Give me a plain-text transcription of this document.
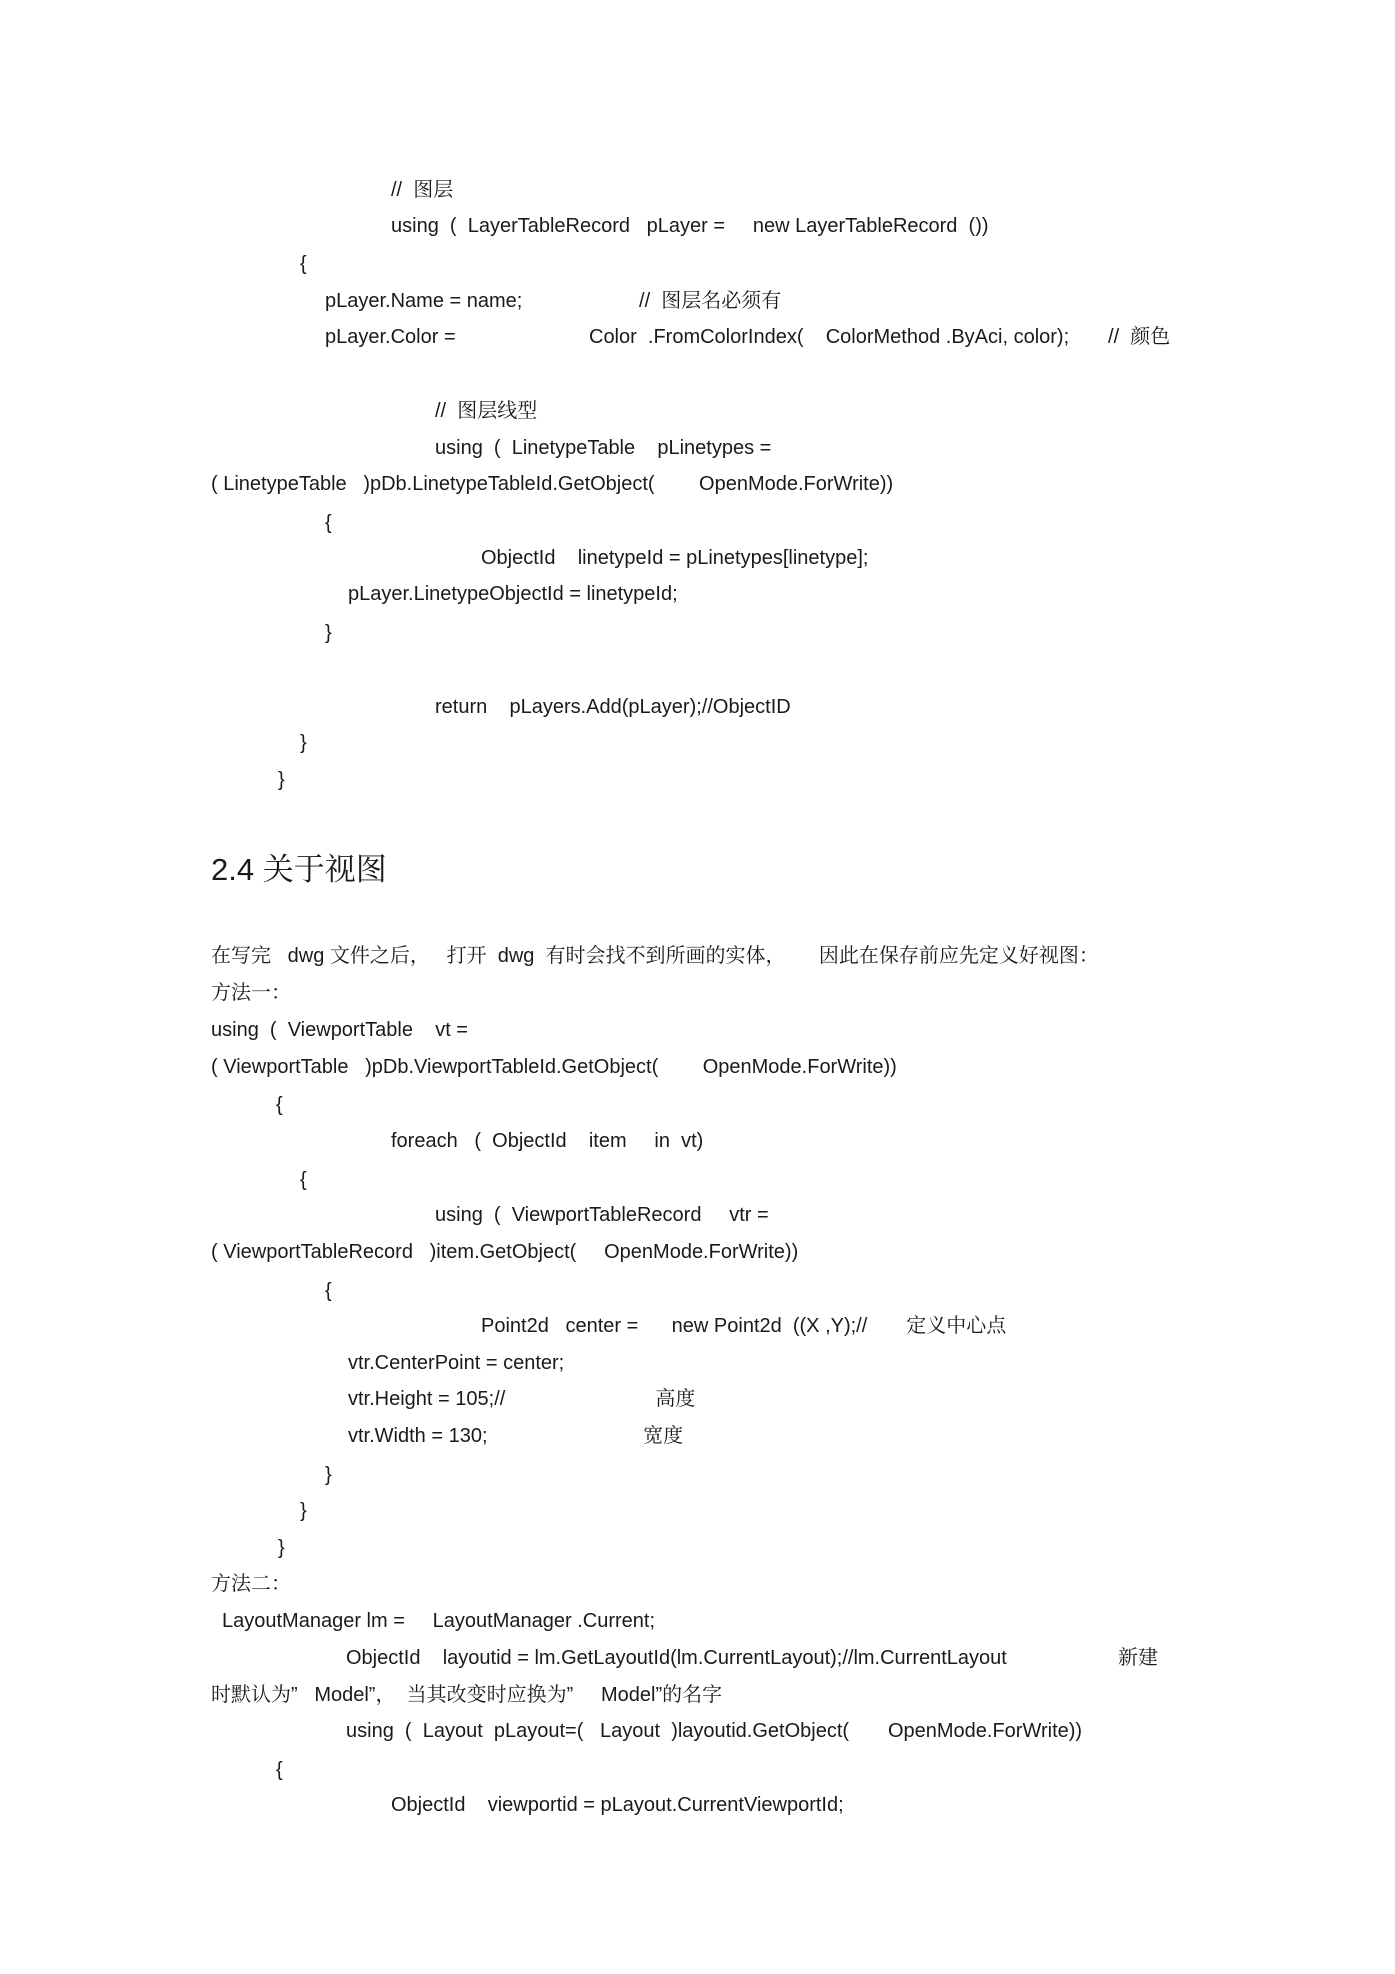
//  图层
using  (  LayerTableRecord   pLayer =     new LayerTableRecord  ())
{
pLayer.Name = name;                     //  图层名必须有
pLayer.Color =                        Color  .FromColorIndex(    ColorMethod .ByAci, color);       //  颜色
//  图层线型
using  (  LinetypeTable    pLinetypes =
( LinetypeTable   )pDb.LinetypeTableId.GetObject(        OpenMode.ForWrite))
{
ObjectId    linetypeId = pLinetypes[linetype];
pLayer.LinetypeObjectId = linetypeId;
}
return    pLayers.Add(pLayer);//ObjectID
}
}
2.4 关于视图
在写完   dwg 文件之后，   打开  dwg  有时会找不到所画的实体，      因此在保存前应先定义好视图：
方法一：
using  (  ViewportTable    vt =
( ViewportTable   )pDb.ViewportTableId.GetObject(        OpenMode.ForWrite))
{
foreach   (  ObjectId    item     in  vt)
{
using  (  ViewportTableRecord     vtr =
( ViewportTableRecord   )item.GetObject(     OpenMode.ForWrite))
{
Point2d   center =      new Point2d  ((X ,Y);//       定义中心点
vtr.CenterPoint = center;
vtr.Height = 105;//                           高度
vtr.Width = 130;                            宽度
}
}
}
方法二：
LayoutManager lm =     LayoutManager .Current;
ObjectId    layoutid = lm.GetLayoutId(lm.CurrentLayout);//lm.CurrentLayout                    新建
时默认为”   Model”，  当其改变时应换为”     Model”的名字
using  (  Layout  pLayout=(   Layout  )layoutid.GetObject(       OpenMode.ForWrite))
{
ObjectId    viewportid = pLayout.CurrentViewportId;
